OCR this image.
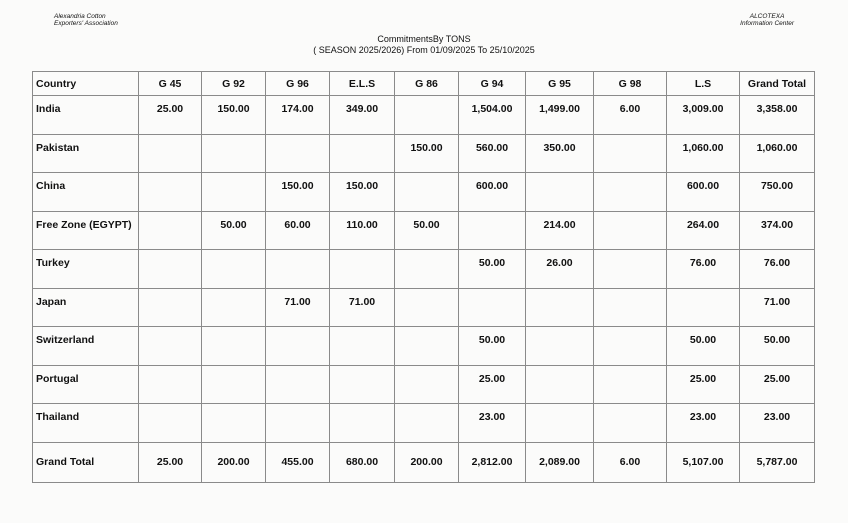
Alexandria Cotton
Exporters' Association
ALCOTEXA
Information Center
CommitmentsBy TONS
( SEASON 2025/2026) From 01/09/2025 To 25/10/2025
Country	G 45	G 92	G 96	E.L.S	G 86	G 94	G 95	G 98	L.S	Grand Total
India	25.00	150.00	174.00	349.00		1,504.00	1,499.00	6.00	3,009.00	3,358.00
Pakistan					150.00	560.00	350.00		1,060.00	1,060.00
China			150.00	150.00		600.00			600.00	750.00
Free Zone (EGYPT)		50.00	60.00	110.00	50.00		214.00		264.00	374.00
Turkey						50.00	26.00		76.00	76.00
Japan			71.00	71.00						71.00
Switzerland						50.00			50.00	50.00
Portugal						25.00			25.00	25.00
Thailand						23.00			23.00	23.00
Grand Total	25.00	200.00	455.00	680.00	200.00	2,812.00	2,089.00	6.00	5,107.00	5,787.00
